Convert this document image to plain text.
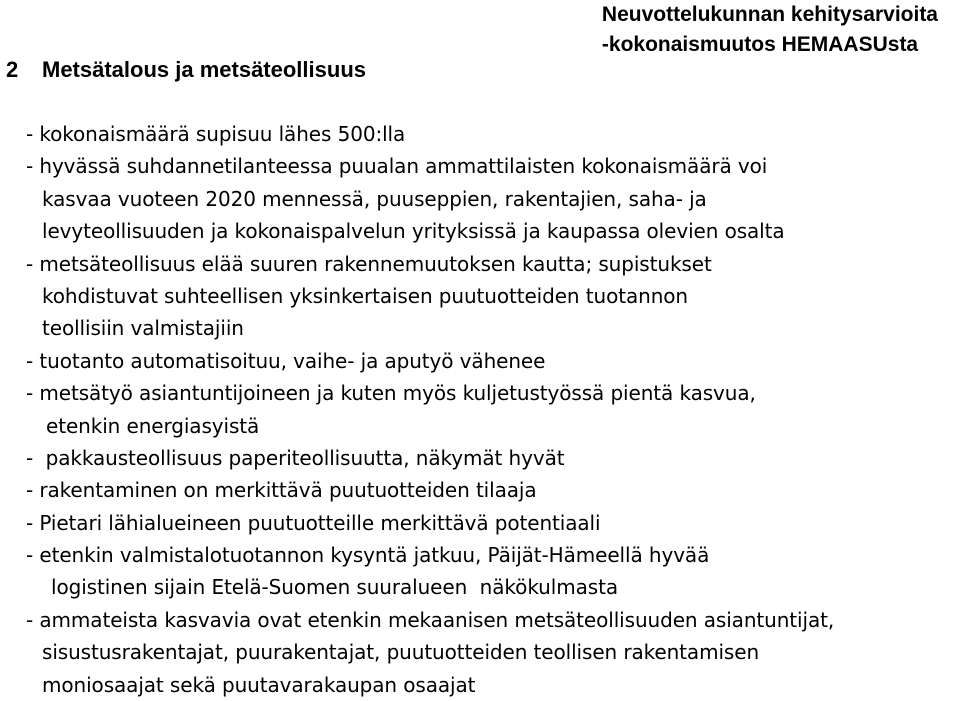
Neuvottelukunnan kehitysarvioita
-kokonaismuutos HEMAASUsta
2 Metsätalous ja metsäteollisuus
- kokonaismäärä supisuu lähes 500:lla
- hyvässä suhdannetilanteessa puualan ammattilaisten kokonaismäärä voi
kasvaa vuoteen 2020 mennessä, puuseppien, rakentajien, saha- ja
levyteollisuuden ja kokonaispalvelun yrityksissä ja kaupassa olevien osalta
- metsäteollisuus elää suuren rakennemuutoksen kautta; supistukset
kohdistuvat suhteellisen yksinkertaisen puutuotteiden tuotannon
teollisiin valmistajiin
- tuotanto automatisoituu, vaihe- ja aputyö vähenee
- metsätyö asiantuntijoineen ja kuten myös kuljetustyössä pientä kasvua,
etenkin energiasyistä
-  pakkausteollisuus paperiteollisuutta, näkymät hyvät
- rakentaminen on merkittävä puutuotteiden tilaaja
- Pietari lähialueineen puutuotteille merkittävä potentiaali
- etenkin valmistalotuotannon kysyntä jatkuu, Päijät-Hämeellä hyvää
logistinen sijain Etelä-Suomen suuralueen  näkökulmasta
- ammateista kasvavia ovat etenkin mekaanisen metsäteollisuuden asiantuntijat,
sisustusrakentajat, puurakentajat, puutuotteiden teollisen rakentamisen
moniosaajat sekä puutavarakaupan osaajat
